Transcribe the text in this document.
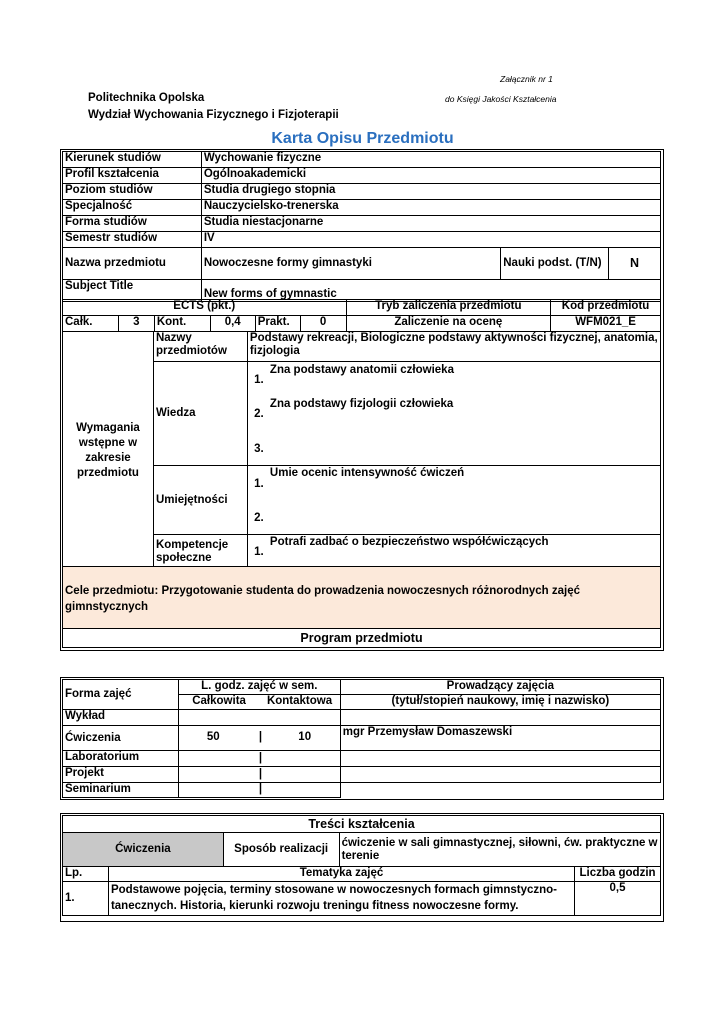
Załącznik nr 1
Politechnika Opolska	do Księgi Jakości Kształcenia
Wydział Wychowania Fizycznego i Fizjoterapii
Karta Opisu Przedmiotu
Kierunek studiów	Wychowanie fizyczne		
Profil kształcenia	Ogólnoakademicki		
Poziom studiów	Studia drugiego stopnia		
Specjalność	Nauczycielsko-trenerska		
Forma studiów	Studia niestacjonarne		
Semestr studiów	IV		
Nazwa przedmiotu	Nowoczesne formy gimnastyki	Nauki podst. (T/N)	N
Subject Title	New forms of gymnastic		
ECTS (pkt.)						Tryb zaliczenia przedmiotu	Kod przedmiotu
Całk.	3	Kont.	0,4	Prakt.	0	Zaliczenie na ocenę	WFM021_E
Wymagania wstępne w zakresie przedmiotu	Nazwy przedmiotów	Podstawy rekreacji, Biologiczne podstawy aktywności fizycznej, anatomia, fizjologia
	Wiedza	1.
Zna podstawy anatomii człowieka
2.
Zna podstawy fizjologii człowieka
3.

	Umiejętności	1.
Umie ocenic intensywność ćwiczeń
2.

	Kompetencje społeczne	1.
Potrafi zadbać o bezpieczeństwo współćwiczących
Cele przedmiotu: Przygotowanie studenta do prowadzenia nowoczesnych różnorodnych zajęć gimnstycznych
Program przedmiotu
Forma zajęć	L. godz. zajęć w sem.		Prowadzący zajęcia
	Całkowita	Kontaktowa	(tytuł/stopień naukowy, imię i nazwisko)
Wykład			
Ćwiczenia	50 |	10	mgr Przemysław Domaszewski
Laboratorium	|		

Projekt	|		

Seminarium	|		

Treści kształcenia				
Ćwiczenia		Sposób realizacji	ćwiczenie w sali gimnastycznej, siłowni, ćw. praktyczne w terenie	
Lp.	Tematyka zajęć			Liczba godzin
1.	Podstawowe pojęcia, terminy stosowane w nowoczesnych formach gimnstyczno-tanecznych. Historia, kierunki rozwoju treningu fitness nowoczesne formy.			0,5
